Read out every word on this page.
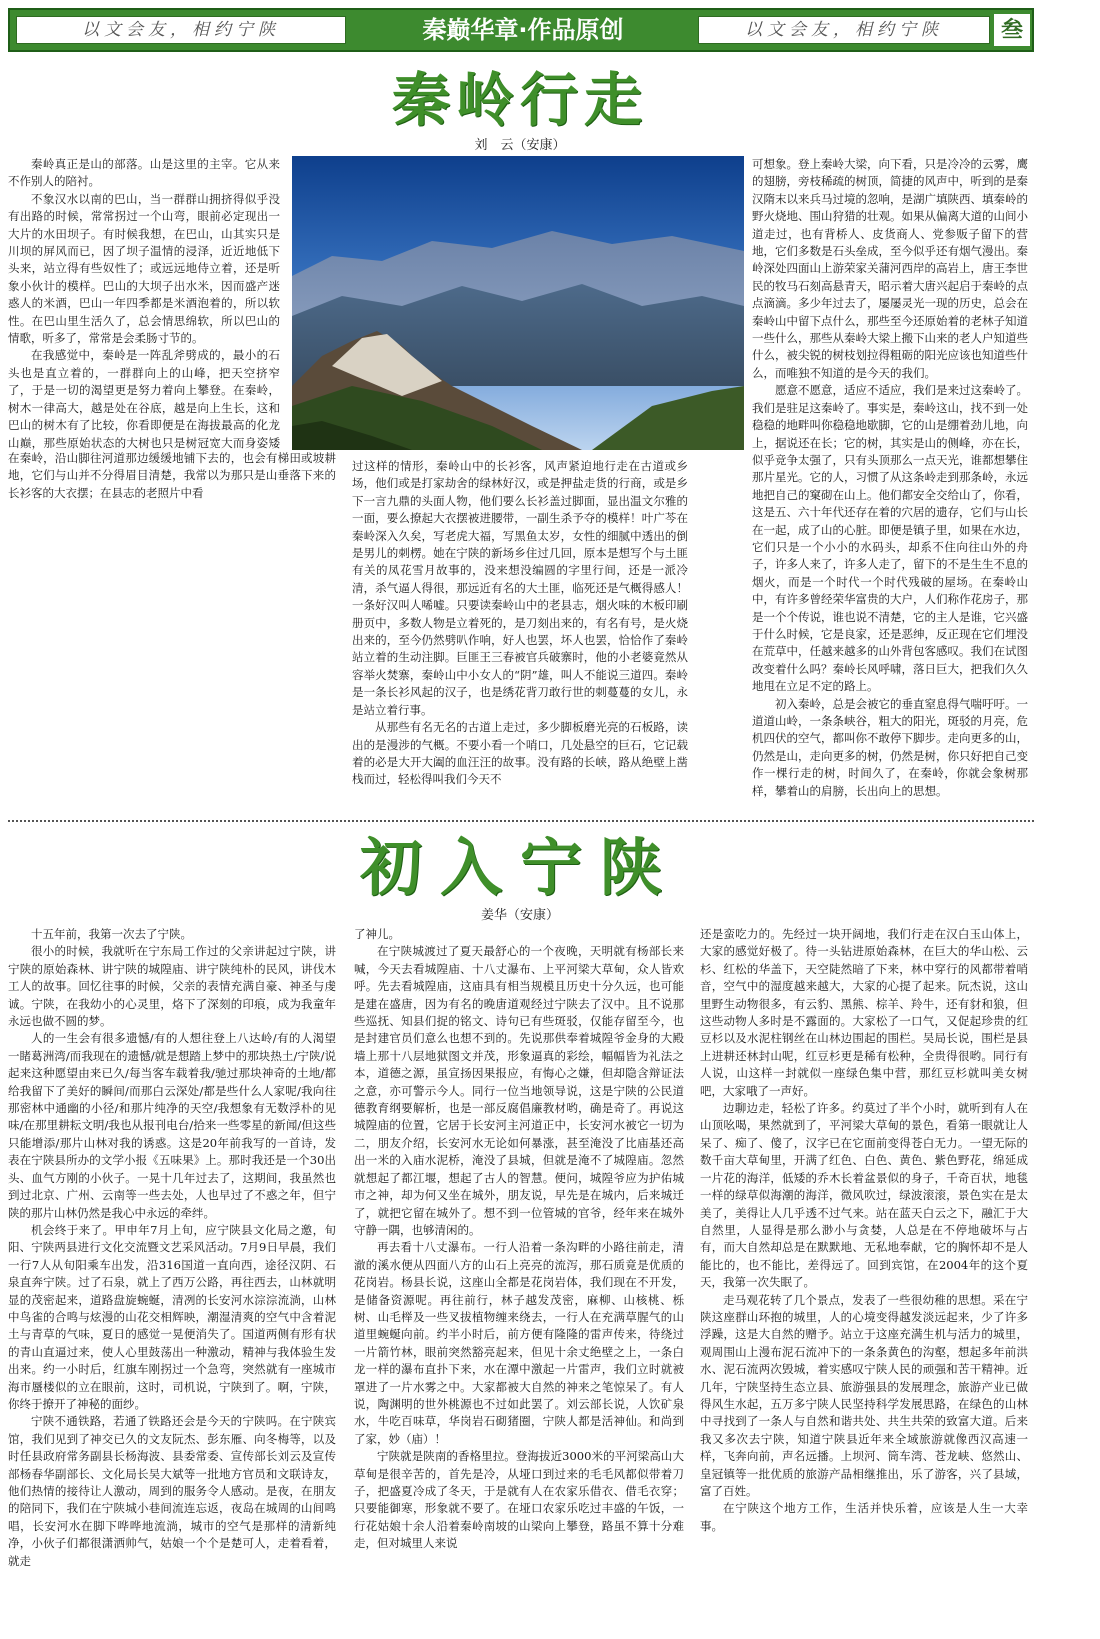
以文会友，相约宁陕	秦巅华章·作品原创	以文会友，相约宁陕	叁
秦岭行走
刘　云（安康）

秦岭真正是山的部落。山是这里的主宰。它从来不作别人的陪衬。

不象汉水以南的巴山，当一群群山拥挤得似乎没有出路的时候，常常拐过一个山弯，眼前必定现出一大片的水田坝子。有时候我想，在巴山，山其实只是川坝的屏风而已，因了坝子温情的浸泽，近近地低下头来，站立得有些奴性了；或远远地侍立着，还是听象小伙计的模样。巴山的大坝子出水米，因而盛产迷惑人的米酒，巴山一年四季都是米酒泡着的，所以软性。在巴山里生活久了，总会情思绵软，所以巴山的情歌，听多了，常常是会柔肠寸节的。

在我感觉中，秦岭是一阵乱斧劈成的，最小的石头也是直立着的，一群群向上的山峰，把天空挤窄了，于是一切的渴望更是努力着向上攀登。在秦岭，树木一律高大，越是处在谷底，越是向上生长，这和巴山的树木有了比较，你看即便是在海拔最高的化龙山巅，那些原始状态的大树也只是树冠宽大而身姿矮

在秦岭，沿山脚往河道那边缓缓地铺下去的，也会有梯田或坡耕地，它们与山并不分得眉目清楚，我常以为那只是山垂落下来的长衫客的大衣摆；在县志的老照片中看

过这样的情形，秦岭山中的长衫客，风声紧迫地行走在古道或乡场，他们或是打家劫舍的绿林好汉，或是押盐走货的行商，或是乡下一言九鼎的头面人物，他们要么长衫盖过脚面，显出温文尔雅的一面，要么撩起大衣摆被进腰带，一副生杀予夺的模样！叶广芩在秦岭深入久矣，写老虎大福，写黑鱼太岁，女性的细腻中透出的倒是男儿的刺楞。她在宁陕的新场乡住过几回，原本是想写个与土匪有关的凤花雪月故事的，没来想没编圆的字里行间，还是一派冷清，杀气逼人得很，那远近有名的大土匪，临死还是气概得感人！一条好汉叫人唏嘘。只要读秦岭山中的老县志，烟火味的木板印刷册页中，多数人物是立着死的，是刀刻出来的，有名有号，是火烧出来的，至今仍然劈叭作响，好人也罢，坏人也罢，恰恰作了秦岭站立着的生动注脚。巨匪王三春被官兵破寨时，他的小老婆竟然从容举火焚寨，秦岭山中小女人的“阴”雄，叫人不能说三道四。秦岭是一条长衫风起的汉子，也是绣花背刀敢行世的刺蔓蔓的女儿，永是站立着行事。

从那些有名无名的古道上走过，多少脚板磨光亮的石板路，读出的是漫涉的气概。不要小看一个哨口，几处悬空的巨石，它记载着的必是大开大阖的血汪汪的故事。没有路的长峡，路从绝壁上凿栈而过，轻松得叫我们今天不

可想象。登上秦岭大梁，向下看，只是冷冷的云雾，鹰的翅膀，旁枝稀疏的树顶，简捷的风声中，听到的是秦汉隋末以来兵马过境的忽响，是湖广填陕西、填秦岭的野火烧地、围山狩猎的壮观。如果从偏离大道的山间小道走过，也有背桥人、皮货商人、党参贩子留下的营地，它们多数是石头垒成，至今似乎还有烟气漫出。秦岭深处四面山上游荣家关蒲河西岸的高岩上，唐王李世民的牧马石刻高悬青天，昭示着大唐兴起启于秦岭的点点滴滴。多少年过去了，屡屡灵光一现的历史，总会在秦岭山中留下点什么，那些至今还原始着的老林子知道一些什么，那些从秦岭大梁上搬下山来的老人户知道些什么，被尖锐的树枝划拉得粗砺的阳光应该也知道些什么，而唯独不知道的是今天的我们。

愿意不愿意，适应不适应，我们是来过这秦岭了。我们是驻足这秦岭了。事实是，秦岭这山，找不到一处稳稳的地畔叫你稳稳地歇脚，它的山是绷着劲儿地，向上，据说还在长；它的树，其实是山的侧峰，亦在长，似乎竞争太强了，只有头顶那么一点天光，谁都想攀住那片星光。它的人，习惯了从这条岭走到那条岭，永远地把自己的窠砌在山上。他们都安全交给山了，你看，这是五、六十年代还存在着的穴居的遗存，它们与山长在一起，成了山的心脏。即便是镇子里，如果在水边，它们只是一个小小的水码头，却系不住向往山外的舟子，许多人来了，许多人走了，留下的不是生生不息的烟火，而是一个时代一个时代残破的屋场。在秦岭山中，有许多曾经荣华富贵的大户，人们称作花房子，那是一个个传说，谁也说不清楚，它的主人是谁，它兴盛于什么时候，它是良家，还是恶绅，反正现在它们埋没在荒草中，任越来越多的山外背包客感叹。我们在试图改变着什么吗？秦岭长风呼啸，落日巨大，把我们久久地甩在立足不定的路上。

初入秦岭，总是会被它的垂直窒息得气喘吁吁。一道道山岭，一条条峡谷，粗大的阳光，斑驳的月亮，危机四伏的空气，都叫你不敢停下脚步。走向更多的山，仍然是山，走向更多的树，仍然是树，你只好把自己变作一棵行走的树，时间久了，在秦岭，你就会象树那样，攀着山的肩膀，长出向上的思想。

初入宁陕
姜华（安康）

十五年前，我第一次去了宁陕。

很小的时候，我就听在宁东局工作过的父亲讲起过宁陕，讲宁陕的原始森林、讲宁陕的城隍庙、讲宁陕纯朴的民风，讲伐木工人的故事。回忆往事的时候，父亲的表情充满自豪、神圣与虔诚。宁陕，在我幼小的心灵里，烙下了深刻的印痕，成为我童年永远也做不圆的梦。

人的一生会有很多遗憾/有的人想往登上八达岭/有的人渴望一睹葛洲湾/而我现在的遗憾/就是想踏上梦中的那块热土/宁陕/说起来这种愿望由来已久/每当客车载着我/驰过那块神奇的土地/都给我留下了美好的瞬间/而那白云深处/都是些什么人家呢/我向往那密林中通幽的小径/和那片纯净的天空/我想象有无数浮朴的见味/在那里耕耘文明/我也从报刊电台/拾来一些零星的新闻/但这些只能增添/那片山林对我的诱惑。这是20年前我写的一首诗，发表在宁陕县所办的文学小报《五味果》上。那时我还是一个30出头、血气方刚的小伙子。一晃十几年过去了，这期间，我虽然也到过北京、广州、云南等一些去处，人也早过了不惑之年，但宁陕的那片山林仍然是我心中永远的牵绊。

机会终于来了。甲申年7月上旬，应宁陕县文化局之邀，旬阳、宁陕两县进行文化交流暨文艺采风活动。7月9日早晨，我们一行7人从旬阳乘车出发，沿316国道一直向西，途径汉阴、石泉直奔宁陕。过了石泉，就上了西万公路，再往西去，山林就明显的茂密起来，道路盘旋蜿蜒，清冽的长安河水淙淙流淌，山林中鸟雀的合鸣与炫漫的山花交相辉映，潮湿清爽的空气中含着泥土与青草的气味，夏日的感觉一晃便消失了。国道两侧有形有状的青山直逼过来，使人心里鼓荡出一种激动，精神与我体验生发出来。约一小时后，红旗车刚拐过一个急弯，突然就有一座城市海市蜃楼似的立在眼前，这时，司机说，宁陕到了。啊，宁陕，你终于撩开了神秘的面纱。

宁陕不通铁路，若通了铁路还会是今天的宁陕吗。在宁陕宾馆，我们见到了神交已久的文友阮杰、彭东雁、向冬梅等，以及时任县政府常务副县长杨海波、县委常委、宣传部长刘云及宣传部杨春华副部长、文化局长吴大斌等一批地方官员和文联诗友，他们热情的接待让人激动，周到的服务令人感动。是夜，在朋友的陪同下，我们在宁陕城小巷间流连忘返，夜岛在城周的山间鸣唱，长安河水在脚下哗哗地流淌，城市的空气是那样的清新纯净，小伙子们都很潇洒帅气，姑娘一个个是楚可人，走着看着，就走

了神儿。

在宁陕城渡过了夏天最舒心的一个夜晚，天明就有杨部长来喊，今天去看城隍庙、十八丈瀑布、上平河梁大草甸，众人皆欢呼。先去看城隍庙，这庙具有相当规模且历史十分久远，也可能是建在盛唐，因为有名的晚唐道观经过宁陕去了汉中。且不说那些巡抚、知县们捉的铭文、诗句已有些斑驳，仅能存留至今，也是封建官员们意么也想不到的。先说那供奉着城隍爷金身的大殿墙上那十八层地狱图文并茂，形象逼真的彩绘，幅幅皆为礼法之本，道德之源，虽宣扬因果报应，有悔心之嫌，但却隐含辩证法之意，亦可警示今人。同行一位当地领导说，这是宁陕的公民道德教育纲要解析，也是一部反腐倡廉教材哟，确是奇了。再说这城隍庙的位置，它居于长安河主河道正中，长安河水被它一切为二，朋友介绍，长安河水无论如何暴涨，甚至淹没了比庙基还高出一米的入庙水泥桥，淹没了县城，但就是淹不了城隍庙。忽然就想起了都江堰，想起了古人的智慧。便问，城隍爷应为护佑城市之神，却为何又坐在城外，朋友说，早先是在城内，后来城迁了，就把它留在城外了。想不到一位管城的官爷，经年来在城外守静一隅，也够清闲的。

再去看十八丈瀑布。一行人沿着一条沟畔的小路往前走，清澈的溪水便从四面八方的山石上亮亮的流泻，那石质竟是优质的花岗岩。杨县长说，这座山全都是花岗岩体，我们现在不开发，是储备资源呢。再往前行，林子越发茂密，麻柳、山核桃、栎树、山毛榉及一些叉拔植物缠来绕去，一行人在充满草腥气的山道里蜿蜒向前。约半小时后，前方便有隆隆的雷声传来，待绕过一片箭竹林，眼前突然豁亮起来，但见十余丈绝壁之上，一条白龙一样的瀑布直扑下来，水在潭中激起一片雷声，我们立时就被罩进了一片水雾之中。大家都被大自然的神来之笔惊呆了。有人说，陶渊明的世外桃源也不过如此罢了。刘云部长说，人饮矿泉水，牛吃百味草，华岗岩石砌猪圈，宁陕人都是活神仙。和尚到了家，妙（庙）！

宁陕就是陕南的香格里拉。登海拔近3000米的平河梁高山大草甸是很辛苦的，首先是冷，从垭口到过来的毛毛风都似带着刀子，把盛夏冷成了冬天，于是就有人在农家乐借衣、借毛衣穿；只要能御寒，形象就不要了。在垭口农家乐吃过丰盛的午饭，一行花姑娘十余人沿着秦岭南坡的山梁向上攀登，路虽不算十分难走，但对城里人来说

还是蛮吃力的。先经过一块开阔地，我们行走在汉白玉山体上，大家的感觉好极了。待一头钻进原始森林，在巨大的华山松、云杉、红松的华盖下，天空陡然暗了下来，林中穿行的风都带着哨音，空气中的湿度越来越大，大家的心提了起来。阮杰说，这山里野生动物很多，有云豹、黑熊、棕羊、羚牛，还有豺和狼，但这些动物人多时是不露面的。大家松了一口气，又促起珍贵的红豆杉以及水泥柱钢丝在山林边围起的围栏。吴局长说，围栏是县上进耕还林封山呢，红豆杉更是稀有松种，全贵得很哟。同行有人说，山这样一封就似一座绿色集中营，那红豆杉就叫美女树吧，大家哦了一声好。

边聊边走，轻松了许多。约莫过了半个小时，就听到有人在山顶吆喝，果然就到了，平河梁大草甸的景色，看第一眼就让人呆了、痴了、傻了，汉字已在它面前变得苍白无力。一望无际的数千亩大草甸里，开满了红色、白色、黄色、紫色野花，绵延成一片花的海洋，低矮的乔木长着盆景似的身子，千奇百状，地毯一样的绿草似海潮的海洋，微风吹过，绿波滚滚，景色实在是太美了，美得让人几乎透不过气来。站在蓝天白云之下，融汇于大自然里，人显得是那么渺小与贪婪，人总是在不停地破坏与占有，而大自然却总是在默默地、无私地奉献，它的胸怀却不是人能比的，也不能比，差得远了。回到宾馆，在2004年的这个夏天，我第一次失眠了。

走马观花转了几个景点，发表了一些很幼稚的思想。采在宁陕这座群山环抱的城里，人的心境变得越发淡远起来，少了许多浮躁，这是大自然的赠予。站立于这座充满生机与活力的城里，观周围山上漫布泥石流冲下的一条条黄色的沟壑，想起多年前洪水、泥石流两次毁城，着实感叹宁陕人民的顽强和苦干精神。近几年，宁陕坚持生态立县、旅游强县的发展理念，旅游产业已做得风生水起，五万多宁陕人民坚持科学发展思路，在绿色的山林中寻找到了一条人与自然和谐共处、共生共荣的致富大道。后来我又多次去宁陕，知道宁陕县近年来全域旅游就像西汉高速一样，飞奔向前，声名远播。上坝河、筒车湾、苍龙峡、悠然山、皇冠镇等一批优质的旅游产品相继推出，乐了游客，兴了县域，富了百姓。

在宁陕这个地方工作，生活并快乐着，应该是人生一大幸事。
